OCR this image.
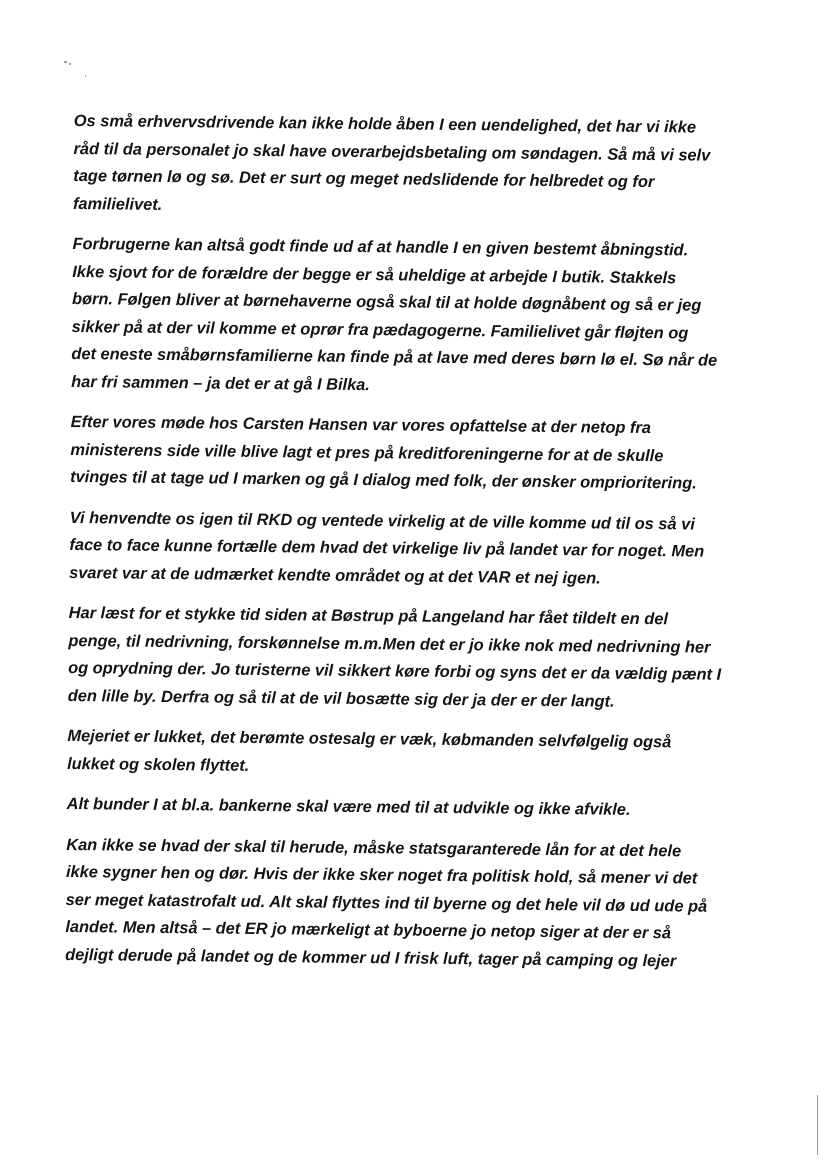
Os små erhvervsdrivende kan ikke holde åben I een uendelighed, det har vi ikke
råd til da personalet jo skal have overarbejdsbetaling om søndagen. Så må vi selv
tage tørnen lø og sø. Det er surt og meget nedslidende for helbredet og for
familielivet.

Forbrugerne kan altså godt finde ud af at handle I en given bestemt åbningstid.
Ikke sjovt for de forældre der begge er så uheldige at arbejde I butik. Stakkels
børn. Følgen bliver at børnehaverne også skal til at holde døgnåbent og så er jeg
sikker på at der vil komme et oprør fra pædagogerne. Familielivet går fløjten og
det eneste småbørnsfamilierne kan finde på at lave med deres børn lø el. Sø når de
har fri sammen – ja det er at gå I Bilka.

Efter vores møde hos Carsten Hansen var vores opfattelse at der netop fra
ministerens side ville blive lagt et pres på kreditforeningerne for at de skulle
tvinges til at tage ud I marken og gå I dialog med folk, der ønsker omprioritering.

Vi henvendte os igen til RKD og ventede virkelig at de ville komme ud til os så vi
face to face kunne fortælle dem hvad det virkelige liv på landet var for noget. Men
svaret var at de udmærket kendte området og at det VAR et nej igen.

Har læst for et stykke tid siden at Bøstrup på Langeland har fået tildelt en del
penge, til nedrivning, forskønnelse m.m.Men det er jo ikke nok med nedrivning her
og oprydning der. Jo turisterne vil sikkert køre forbi og syns det er da vældig pænt I
den lille by. Derfra og så til at de vil bosætte sig der ja der er der langt.

Mejeriet er lukket, det berømte ostesalg er væk, købmanden selvfølgelig også
lukket og skolen flyttet.

Alt bunder I at bl.a. bankerne skal være med til at udvikle og ikke afvikle.

Kan ikke se hvad der skal til herude, måske statsgaranterede lån for at det hele
ikke sygner hen og dør. Hvis der ikke sker noget fra politisk hold, så mener vi det
ser meget katastrofalt ud. Alt skal flyttes ind til byerne og det hele vil dø ud ude på
landet. Men altså – det ER jo mærkeligt at byboerne jo netop siger at der er så
dejligt derude på landet og de kommer ud I frisk luft, tager på camping og lejer
